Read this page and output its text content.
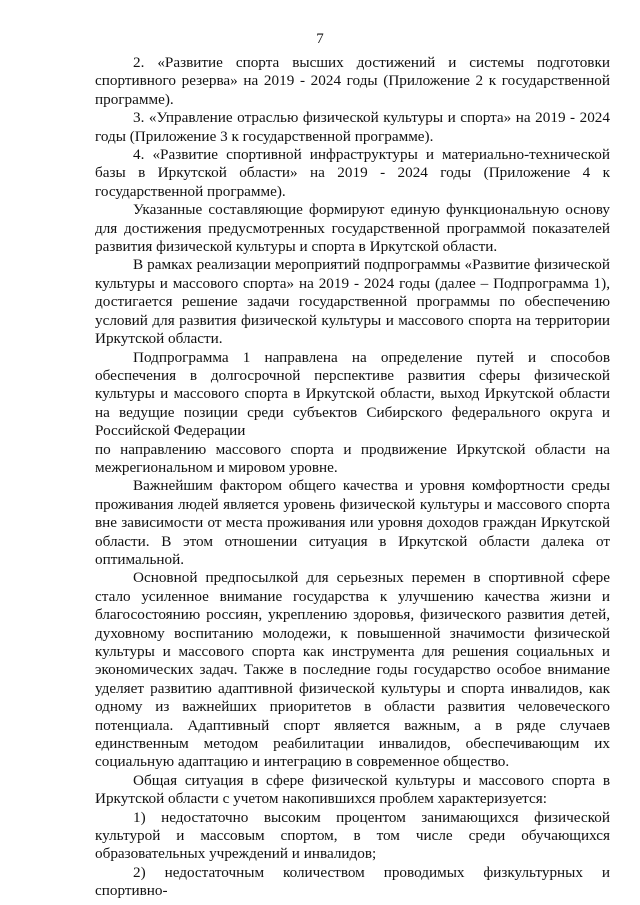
7

2. «Развитие спорта высших достижений и системы подготовки спортивного резерва» на 2019 - 2024 годы (Приложение 2 к государственной программе).

3. «Управление отраслью физической культуры и спорта» на 2019 - 2024 годы (Приложение 3 к государственной программе).

4. «Развитие спортивной инфраструктуры и материально-технической базы в Иркутской области» на 2019 - 2024 годы (Приложение 4 к государственной программе).

Указанные составляющие формируют единую функциональную основу для достижения предусмотренных государственной программой показателей развития физической культуры и спорта в Иркутской области.

В рамках реализации мероприятий подпрограммы «Развитие физической культуры и массового спорта» на 2019 - 2024 годы (далее – Подпрограмма 1), достигается решение задачи государственной программы по обеспечению условий для развития физической культуры и массового спорта на территории Иркутской области.

Подпрограмма 1 направлена на определение путей и способов обеспечения в долгосрочной перспективе развития сферы физической культуры и массового спорта в Иркутской области, выход Иркутской области на ведущие позиции среди субъектов Сибирского федерального округа и Российской Федерации

по направлению массового спорта и продвижение Иркутской области на межрегиональном и мировом уровне.

Важнейшим фактором общего качества и уровня комфортности среды проживания людей является уровень физической культуры и массового спорта вне зависимости от места проживания или уровня доходов граждан Иркутской области. В этом отношении ситуация в Иркутской области далека от оптимальной.

Основной предпосылкой для серьезных перемен в спортивной сфере стало усиленное внимание государства к улучшению качества жизни и благосостоянию россиян, укреплению здоровья, физического развития детей, духовному воспитанию молодежи, к повышенной значимости физической культуры и массового спорта как инструмента для решения социальных и экономических задач. Также в последние годы государство особое внимание уделяет развитию адаптивной физической культуры и спорта инвалидов, как одному из важнейших приоритетов в области развития человеческого потенциала. Адаптивный спорт является важным, а в ряде случаев единственным методом реабилитации инвалидов, обеспечивающим их социальную адаптацию и интеграцию в современное общество.

Общая ситуация в сфере физической культуры и массового спорта в Иркутской области с учетом накопившихся проблем характеризуется:

1) недостаточно высоким процентом занимающихся физической культурой и массовым спортом, в том числе среди обучающихся образовательных учреждений и инвалидов;

2) недостаточным количеством проводимых физкультурных и спортивно-
